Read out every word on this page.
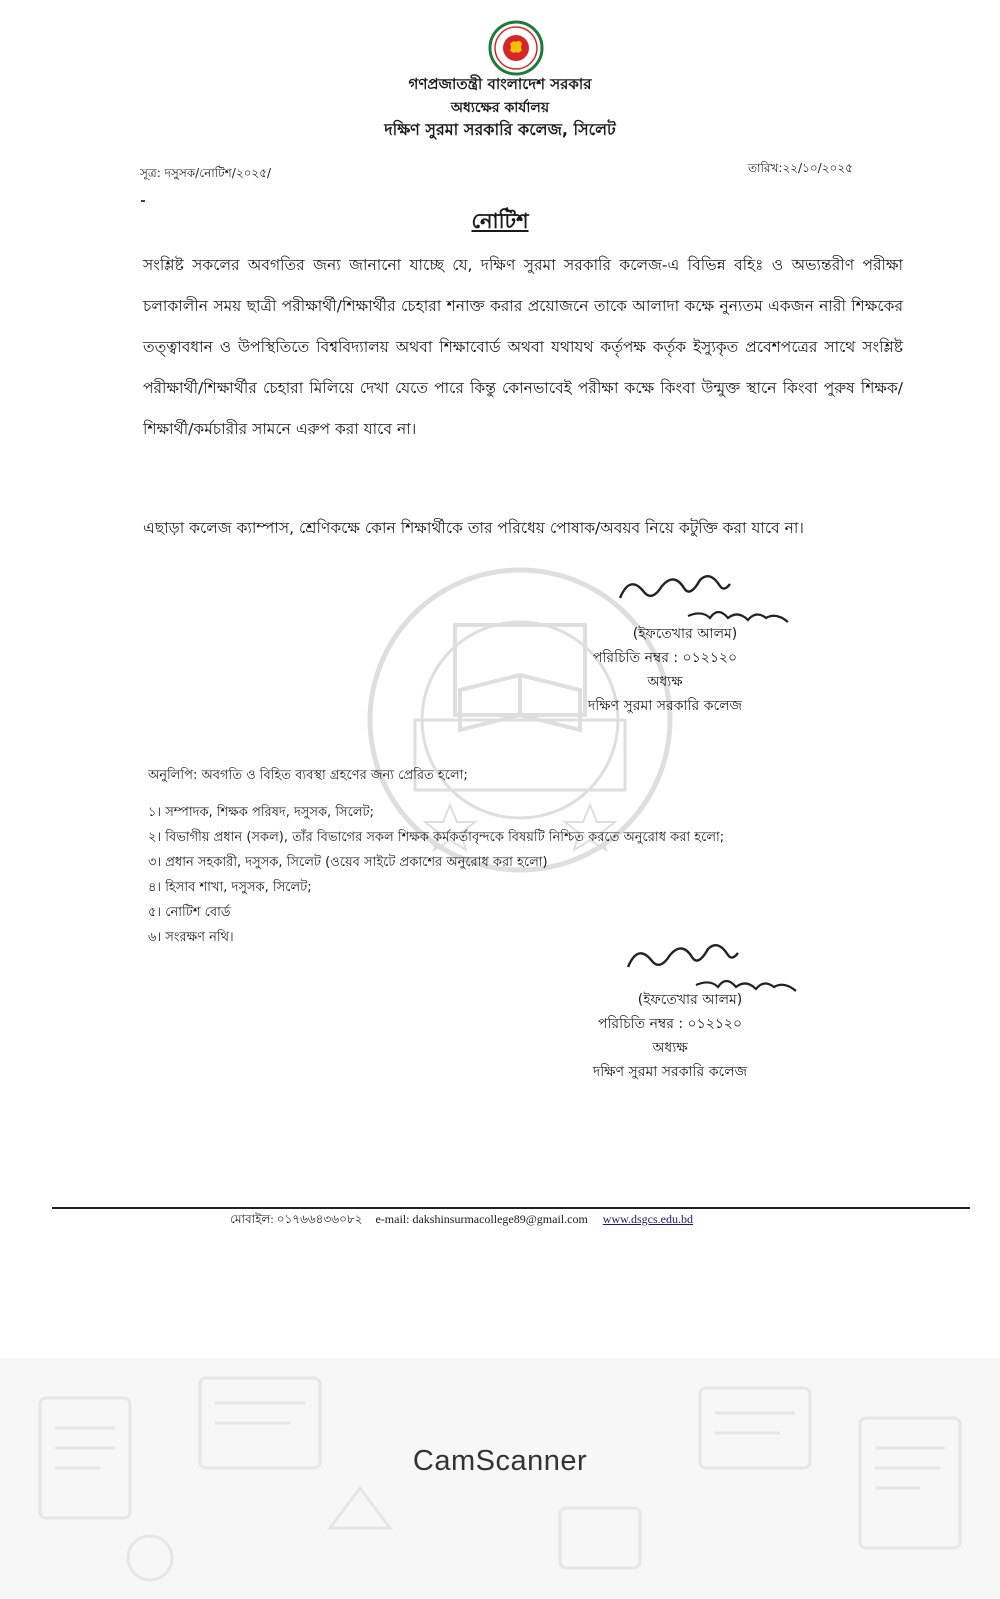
গণপ্রজাতন্ত্রী বাংলাদেশ সরকার
অধ্যক্ষের কার্যালয়
দক্ষিণ সুরমা সরকারি কলেজ, সিলেট
সূত্র: দসুসক/নোটিশ/২০২৫/	তারিখ:২২/১০/২০২৫
নোটিশ
সংশ্লিষ্ট সকলের অবগতির জন্য জানানো যাচ্ছে যে, দক্ষিণ সুরমা সরকারি কলেজ-এ বিভিন্ন বহিঃ ও অভ্যন্তরীণ পরীক্ষা চলাকালীন সময় ছাত্রী পরীক্ষার্থী/শিক্ষার্থীর চেহারা শনাক্ত করার প্রয়োজনে তাকে আলাদা কক্ষে নুন্যতম একজন নারী শিক্ষকের তত্ত্বাবধান ও উপস্থিতিতে বিশ্ববিদ্যালয় অথবা শিক্ষাবোর্ড অথবা যথাযথ কর্তৃপক্ষ কর্তৃক ইস্যুকৃত প্রবেশপত্রের সাথে সংশ্লিষ্ট পরীক্ষার্থী/শিক্ষার্থীর চেহারা মিলিয়ে দেখা যেতে পারে কিন্তু কোনভাবেই পরীক্ষা কক্ষে কিংবা উন্মুক্ত স্থানে কিংবা পুরুষ শিক্ষক/শিক্ষার্থী/কর্মচারীর সামনে এরুপ করা যাবে না।
এছাড়া কলেজ ক্যাম্পাস, শ্রেণিকক্ষে কোন শিক্ষার্থীকে তার পরিধেয় পোষাক/অবয়ব নিয়ে কটুক্তি করা যাবে না।
(ইফতেখার আলম)
পরিচিতি নম্বর : ০১২১২০
অধ্যক্ষ
দক্ষিণ সুরমা সরকারি কলেজ
অনুলিপি: অবগতি ও বিহিত ব্যবস্থা গ্রহণের জন্য প্রেরিত হলো;
১। সম্পাদক, শিক্ষক পরিষদ, দসুসক, সিলেট;
২। বিভাগীয় প্রধান (সকল), তাঁর বিভাগের সকল শিক্ষক কর্মকর্তাবৃন্দকে বিষয়টি নিশ্চিত করতে অনুরোধ করা হলো;
৩। প্রধান সহকারী, দসুসক, সিলেট (ওয়েব সাইটে প্রকাশের অনুরোধ করা হলো)
৪। হিসাব শাখা, দসুসক, সিলেট;
৫। নোটিশ বোর্ড
৬। সংরক্ষণ নথি।
(ইফতেখার আলম)
পরিচিতি নম্বর : ০১২১২০
অধ্যক্ষ
দক্ষিণ সুরমা সরকারি কলেজ
মোবাইল: ০১৭৬৬৪৩৬০৮২ e-mail: dakshinsurmacollege89@gmail.com www.dsgcs.edu.bd
CamScanner
